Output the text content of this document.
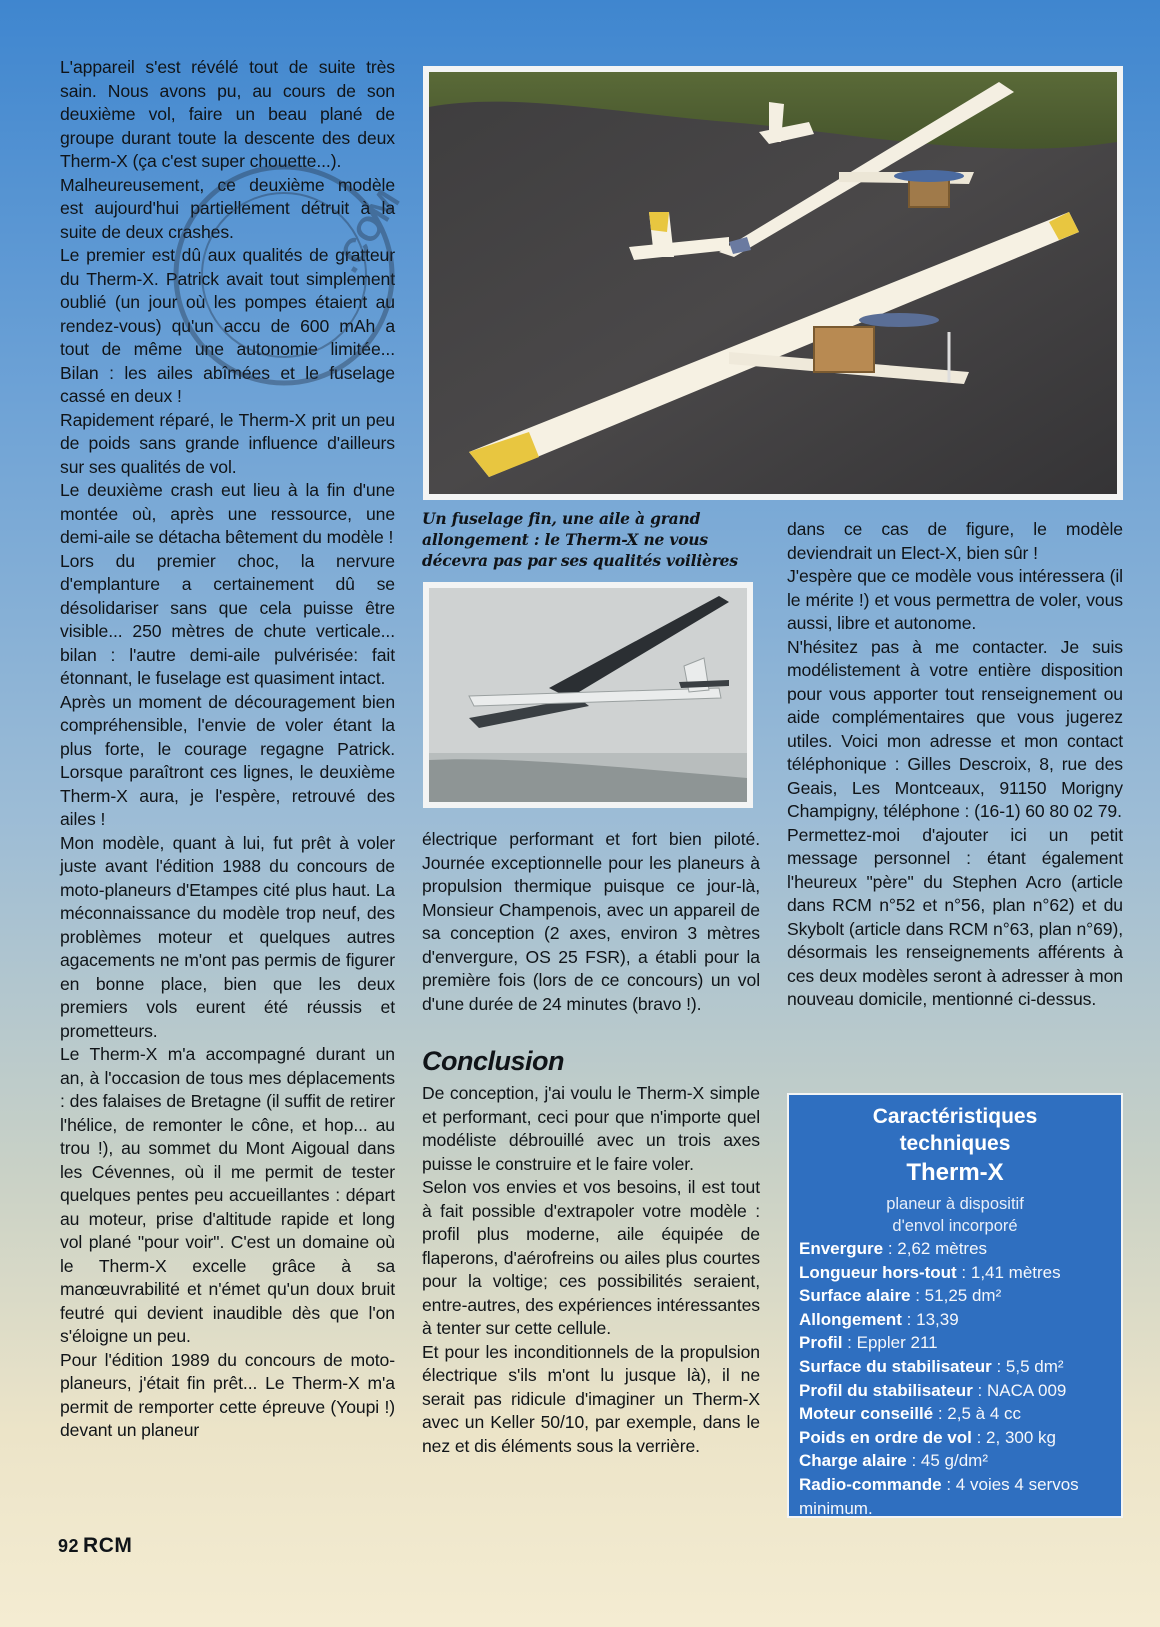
L'appareil s'est révélé tout de suite très sain. Nous avons pu, au cours de son deuxième vol, faire un beau plané de groupe durant toute la descente des deux Therm-X (ça c'est super chouette...).

Malheureusement, ce deuxième modèle est aujourd'hui partiellement détruit à la suite de deux crashes.

Le premier est dû aux qualités de gratteur du Therm-X. Patrick avait tout simplement oublié (un jour où les pompes étaient au rendez-vous) qu'un accu de 600 mAh a tout de même une autonomie limitée... Bilan : les ailes abîmées et le fuselage cassé en deux !

Rapidement réparé, le Therm-X prit un peu de poids sans grande influence d'ailleurs sur ses qualités de vol.

Le deuxième crash eut lieu à la fin d'une montée où, après une ressource, une demi-aile se détacha bêtement du modèle !

Lors du premier choc, la nervure d'emplanture a certainement dû se désolidariser sans que cela puisse être visible... 250 mètres de chute verticale... bilan : l'autre demi-aile pulvérisée: fait étonnant, le fuselage est quasiment intact.

Après un moment de découragement bien compréhensible, l'envie de voler étant la plus forte, le courage regagne Patrick. Lorsque paraîtront ces lignes, le deuxième Therm-X aura, je l'espère, retrouvé des ailes !

Mon modèle, quant à lui, fut prêt à voler juste avant l'édition 1988 du concours de moto-planeurs d'Etampes cité plus haut. La méconnaissance du modèle trop neuf, des problèmes moteur et quelques autres agacements ne m'ont pas permis de figurer en bonne place, bien que les deux premiers vols eurent été réussis et prometteurs.

Le Therm-X m'a accompagné durant un an, à l'occasion de tous mes déplacements : des falaises de Bretagne (il suffit de retirer l'hélice, de remonter le cône, et hop... au trou !), au sommet du Mont Aigoual dans les Cévennes, où il me permit de tester quelques pentes peu accueillantes : départ au moteur, prise d'altitude rapide et long vol plané "pour voir". C'est un domaine où le Therm-X excelle grâce à sa manœuvrabilité et n'émet qu'un doux bruit feutré qui devient inaudible dès que l'on s'éloigne un peu.

Pour l'édition 1989 du concours de moto-planeurs, j'était fin prêt... Le Therm-X m'a permit de remporter cette épreuve (Youpi !) devant un planeur

.COM
Un fuselage fin, une aile à grand
allongement : le Therm-X ne vous
décevra pas par ses qualités voilières

électrique performant et fort bien piloté. Journée exceptionnelle pour les planeurs à propulsion thermique puisque ce jour-là, Monsieur Champenois, avec un appareil de sa conception (2 axes, environ 3 mètres d'envergure, OS 25 FSR), a établi pour la première fois (lors de ce concours) un vol d'une durée de 24 minutes (bravo !).

Conclusion

De conception, j'ai voulu le Therm-X simple et performant, ceci pour que n'importe quel modéliste débrouillé avec un trois axes puisse le construire et le faire voler.

Selon vos envies et vos besoins, il est tout à fait possible d'extrapoler votre modèle : profil plus moderne, aile équipée de flaperons, d'aérofreins ou ailes plus courtes pour la voltige; ces possibilités seraient, entre-autres, des expériences intéressantes à tenter sur cette cellule.

Et pour les inconditionnels de la propulsion électrique s'ils m'ont lu jusque là), il ne serait pas ridicule d'imaginer un Therm-X avec un Keller 50/10, par exemple, dans le nez et dis éléments sous la verrière.

dans ce cas de figure, le modèle deviendrait un Elect-X, bien sûr !

J'espère que ce modèle vous intéressera (il le mérite !) et vous permettra de voler, vous aussi, libre et autonome.

N'hésitez pas à me contacter. Je suis modélistement à votre entière disposition pour vous apporter tout renseignement ou aide complémentaires que vous jugerez utiles. Voici mon adresse et mon contact téléphonique : Gilles Descroix, 8, rue des Geais, Les Montceaux, 91150 Morigny Champigny, téléphone : (16-1) 60 80 02 79.

Permettez-moi d'ajouter ici un petit message personnel : étant également l'heureux "père" du Stephen Acro (article dans RCM n°52 et n°56, plan n°62) et du Skybolt (article dans RCM n°63, plan n°69), désormais les renseignements afférents à ces deux modèles seront à adresser à mon nouveau domicile, mentionné ci-dessus.

Caractéristiques
techniques
Therm-X
planeur à dispositif
d'envol incorporé
Envergure : 2,62 mètres
Longueur hors-tout : 1,41 mètres
Surface alaire : 51,25 dm²
Allongement : 13,39
Profil : Eppler 211
Surface du stabilisateur : 5,5 dm²
Profil du stabilisateur : NACA 009
Moteur conseillé : 2,5 à 4 cc
Poids en ordre de vol : 2, 300 kg
Charge alaire : 45 g/dm²
Radio-commande : 4 voies 4 servos minimum.
92 RCM
